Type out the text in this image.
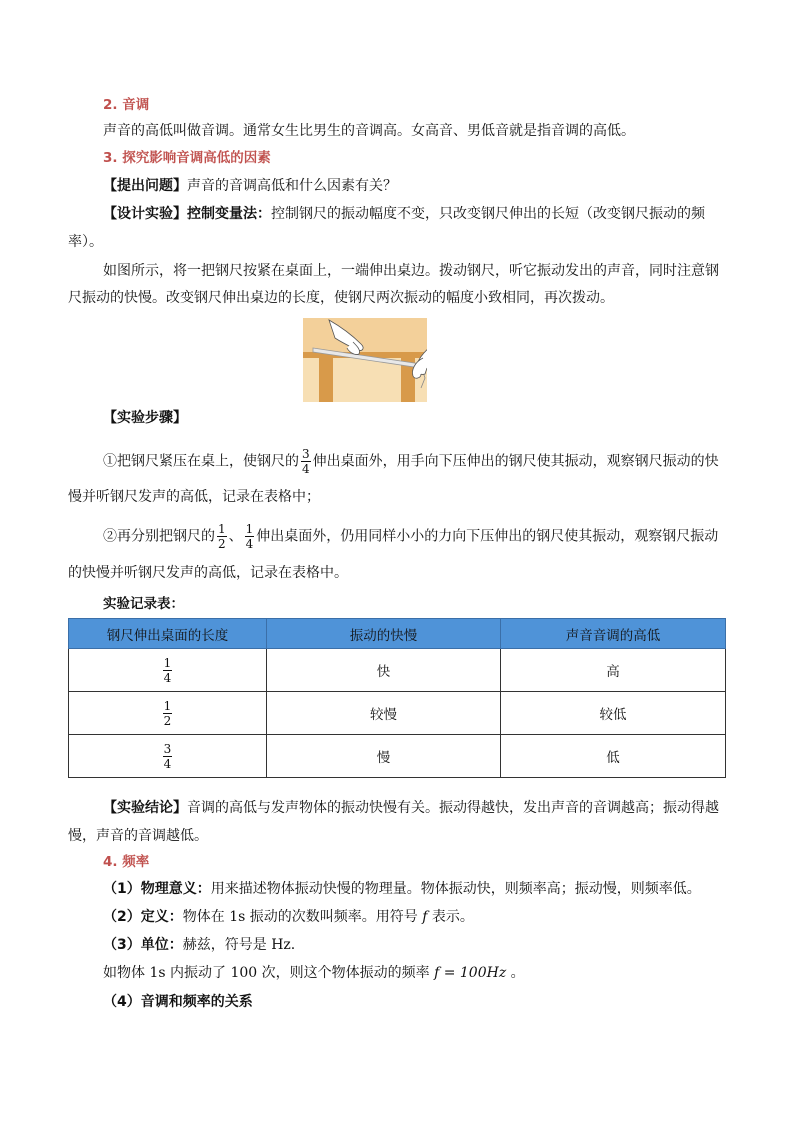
2. 音调
声音的高低叫做音调。通常女生比男生的音调高。女高音、男低音就是指音调的高低。
3. 探究影响音调高低的因素
【提出问题】声音的音调高低和什么因素有关？
【设计实验】控制变量法：控制钢尺的振动幅度不变，只改变钢尺伸出的长短（改变钢尺振动的频
率）。
如图所示，将一把钢尺按紧在桌面上，一端伸出桌边。拨动钢尺，听它振动发出的声音，同时注意钢
尺振动的快慢。改变钢尺伸出桌边的长度，使钢尺两次振动的幅度小致相同，再次拨动。
【实验步骤】
①把钢尺紧压在桌上，使钢尺的 $\frac{3}{4}$ 伸出桌面外，用手向下压伸出的钢尺使其振动，观察钢尺振动的快
慢并听钢尺发声的高低，记录在表格中；
②再分别把钢尺的 $\frac{1}{2}$ 、 $\frac{1}{4}$ 伸出桌面外，仍用同样小小的力向下压伸出的钢尺使其振动，观察钢尺振动
的快慢并听钢尺发声的高低，记录在表格中。
实验记录表：
钢尺伸出桌面的长度	振动的快慢	声音音调的高低

$\frac{1}{4}$	快	高

$\frac{1}{2}$	较慢	较低

$\frac{3}{4}$	慢	低
【实验结论】音调的高低与发声物体的振动快慢有关。振动得越快，发出声音的音调越高；振动得越
慢，声音的音调越低。
4. 频率
（1）物理意义：用来描述物体振动快慢的物理量。物体振动快，则频率高；振动慢，则频率低。
（2）定义：物体在 1s 振动的次数叫频率。用符号 f 表示。
（3）单位：赫兹，符号是 Hz.
如物体 1s 内振动了 100 次，则这个物体振动的频率 f = 100Hz 。
（4）音调和频率的关系
